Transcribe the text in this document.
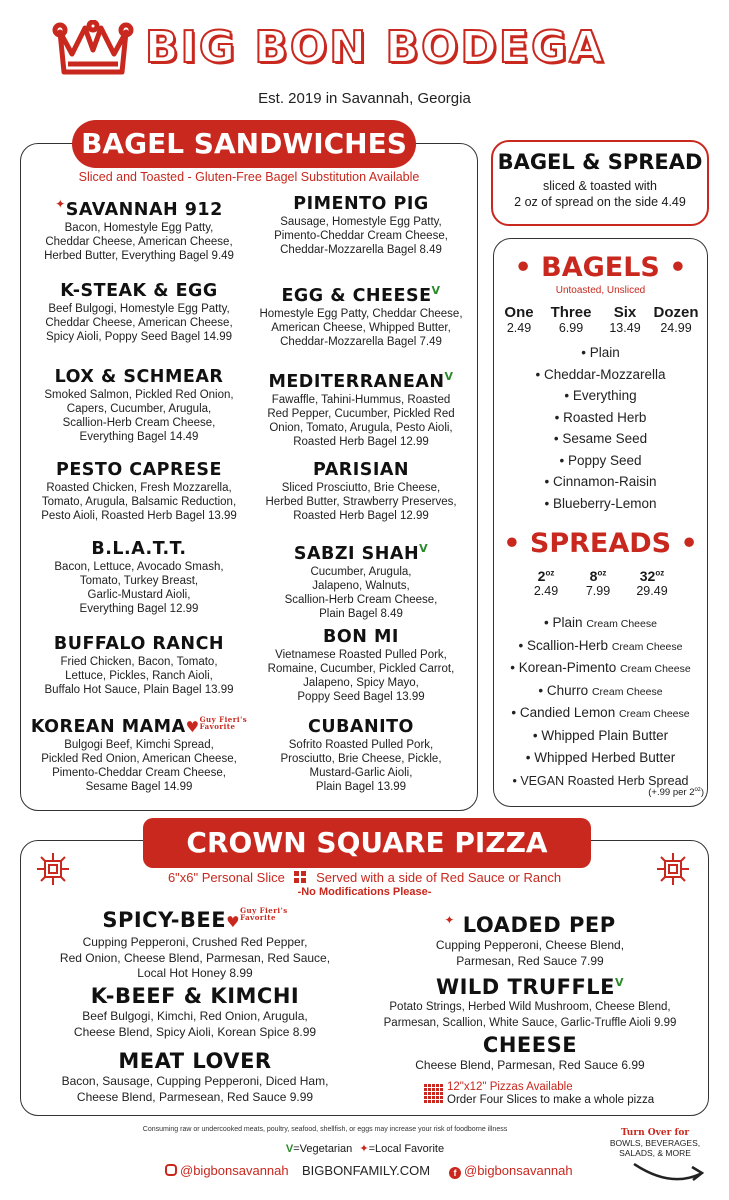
BIG BON BODEGA
Est. 2019 in Savannah, Georgia
BAGEL SANDWICHES
Sliced and Toasted - Gluten-Free Bagel Substitution Available
✦SAVANNAH 912
Bacon, Homestyle Egg Patty,
Cheddar Cheese, American Cheese,
Herbed Butter, Everything Bagel 9.49
PIMENTO PIG
Sausage, Homestyle Egg Patty,
Pimento-Cheddar Cream Cheese,
Cheddar-Mozzarella Bagel 8.49
K-STEAK & EGG
Beef Bulgogi, Homestyle Egg Patty,
Cheddar Cheese, American Cheese,
Spicy Aioli, Poppy Seed Bagel 14.99
EGG & $CHEESE^V$
Homestyle Egg Patty, Cheddar Cheese,
American Cheese, Whipped Butter,
Cheddar-Mozzarella Bagel 7.49
LOX & SCHMEAR
Smoked Salmon, Pickled Red Onion,
Capers, Cucumber, Arugula,
Scallion-Herb Cream Cheese,
Everything Bagel 14.49
$MEDITERRANEAN^V$
Fawaffle, Tahini-Hummus, Roasted
Red Pepper, Cucumber, Pickled Red
Onion, Tomato, Arugula, Pesto Aioli,
Roasted Herb Bagel 12.99
PESTO CAPRESE
Roasted Chicken, Fresh Mozzarella,
Tomato, Arugula, Balsamic Reduction,
Pesto Aioli, Roasted Herb Bagel 13.99
PARISIAN
Sliced Prosciutto, Brie Cheese,
Herbed Butter, Strawberry Preserves,
Roasted Herb Bagel 12.99
B.L.A.T.T.
Bacon, Lettuce, Avocado Smash,
Tomato, Turkey Breast,
Garlic-Mustard Aioli,
Everything Bagel 12.99
SABZI $SHAH^V$
Cucumber, Arugula,
Jalapeno, Walnuts,
Scallion-Herb Cream Cheese,
Plain Bagel 8.49
BUFFALO RANCH
Fried Chicken, Bacon, Tomato,
Lettuce, Pickles, Ranch Aioli,
Buffalo Hot Sauce, Plain Bagel 13.99
BON MI
Vietnamese Roasted Pulled Pork,
Romaine, Cucumber, Pickled Carrot,
Jalapeno, Spicy Mayo,
Poppy Seed Bagel 13.99
KOREAN MAMA♥Guy Fieri's
Favorite
Bulgogi Beef, Kimchi Spread,
Pickled Red Onion, American Cheese,
Pimento-Cheddar Cream Cheese,
Sesame Bagel 14.99
CUBANITO
Sofrito Roasted Pulled Pork,
Prosciutto, Brie Cheese, Pickle,
Mustard-Garlic Aioli,
Plain Bagel 13.99
BAGEL & SPREAD
sliced & toasted with
2 oz of spread on the side 4.49
• BAGELS •
Untoasted, Unsliced
One
2.49
Three
6.99
Six
13.49
Dozen
24.99
• Plain
• Cheddar-Mozzarella
• Everything
• Roasted Herb
• Sesame Seed
• Poppy Seed
• Cinnamon-Raisin
• Blueberry-Lemon
• SPREADS •
$2^{oz}$
2.49
$8^{oz}$
7.99
$32^{oz}$
29.49
• Plain Cream Cheese
• Scallion-Herb Cream Cheese
• Korean-Pimento Cream Cheese
• Churro Cream Cheese
• Candied Lemon Cream Cheese
• Whipped Plain Butter
• Whipped Herbed Butter
• VEGAN Roasted Herb Spread
(+.99 per $2^{oz}$)
CROWN SQUARE PIZZA
6"x6" Personal Slice Served with a side of Red Sauce or Ranch
-No Modifications Please-
SPICY-BEE♥Guy Fieri's
Favorite
Cupping Pepperoni, Crushed Red Pepper,
Red Onion, Cheese Blend, Parmesan, Red Sauce,
Local Hot Honey 8.99
✦ LOADED PEP
Cupping Pepperoni, Cheese Blend,
Parmesan, Red Sauce 7.99
K-BEEF & KIMCHI
Beef Bulgogi, Kimchi, Red Onion, Arugula,
Cheese Blend, Spicy Aioli, Korean Spice 8.99
WILD $TRUFFLE^V$
Potato Strings, Herbed Wild Mushroom, Cheese Blend,
Parmesan, Scallion, White Sauce, Garlic-Truffle Aioli 9.99
MEAT LOVER
Bacon, Sausage, Cupping Pepperoni, Diced Ham,
Cheese Blend, Parmesean, Red Sauce 9.99
CHEESE
Cheese Blend, Parmesan, Red Sauce 6.99
12"x12" Pizzas Available
Order Four Slices to make a whole pizza
Consuming raw or undercooked meats, poultry, seafood, shellfish, or eggs may increase your risk of foodborne illness
V=Vegetarian ✦=Local Favorite
@bigbonsavannah BIGBONFAMILY.COM	f @bigbonsavannah
Turn Over for
BOWLS, BEVERAGES,
SALADS, & MORE
